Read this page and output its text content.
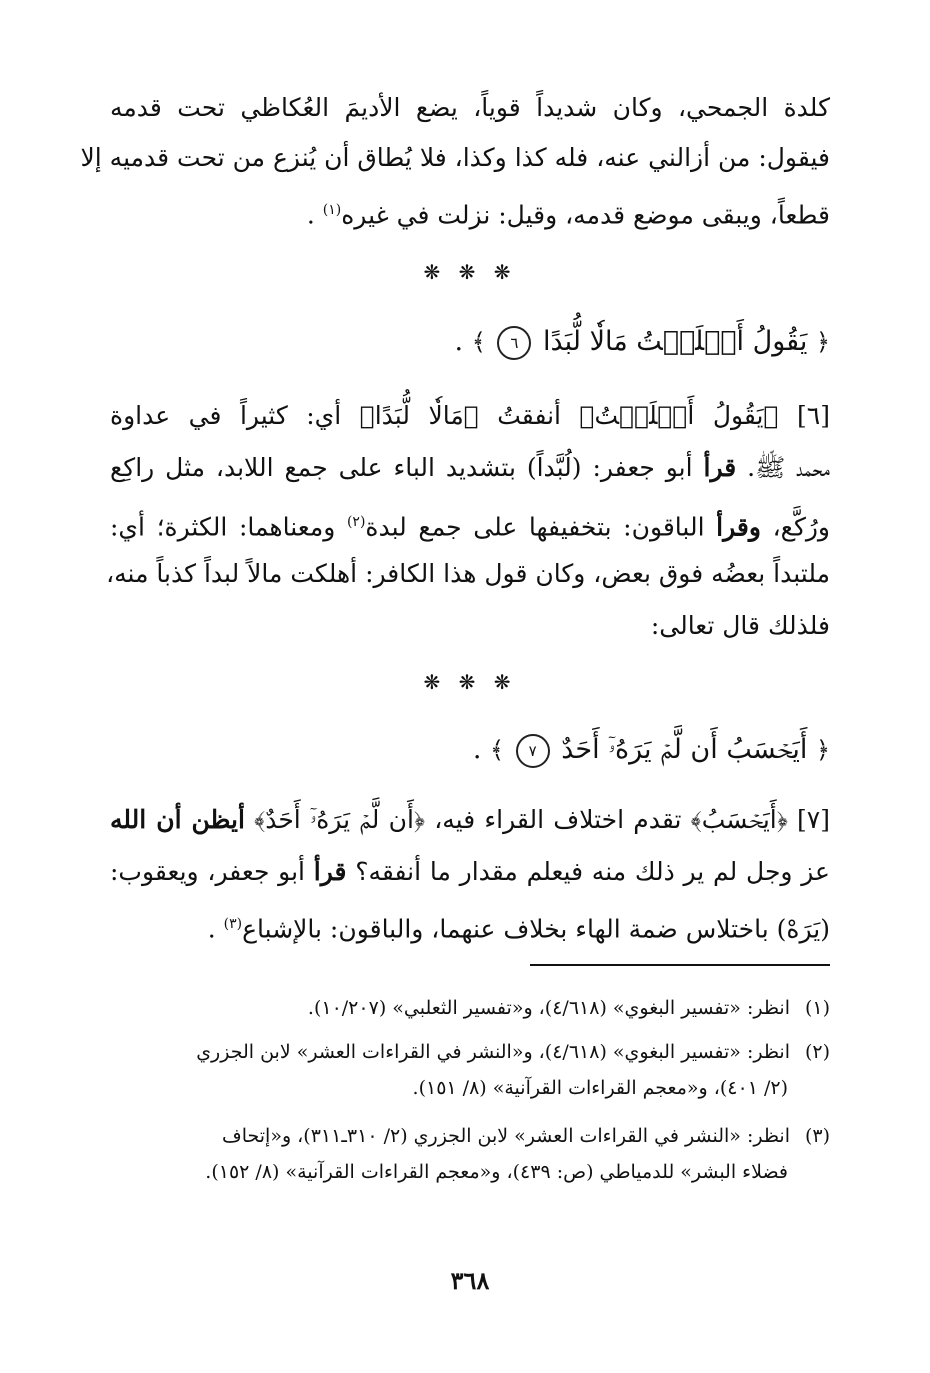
كلدة الجمحي، وكان شديداً قوياً، يضع الأديمَ العُكاظي تحت قدمه
فيقول: من أزالني عنه، فله كذا وكذا، فلا يُطاق أن يُنزع من تحت قدميه إلا
قطعاً، ويبقى موضع قدمه، وقيل: نزلت في غيره$^{(١)}$ .
❋ ❋ ❋
﴿ يَقُولُ أَهۡلَكۡتُ مَالٗا لُّبَدًا ٦ ﴾ .
[٦] ﴿يَقُولُ أَهۡلَكۡتُ﴾ أنفقتُ ﴿مَالٗا لُّبَدًا﴾ أي: كثيراً في عداوة
محمد ﷺ. قرأ أبو جعفر: (لُبَّداً) بتشديد الباء على جمع اللابد، مثل راكِع
ورُكَّع، وقرأ الباقون: بتخفيفها على جمع لبدة$^{(٢)}$ ومعناهما: الكثرة؛ أي:
ملتبداً بعضُه فوق بعض، وكان قول هذا الكافر: أهلكت مالاً لبداً كذباً منه،
فلذلك قال تعالى:
❋ ❋ ❋
﴿ أَيَحۡسَبُ أَن لَّمۡ يَرَهُۥٓ أَحَدٌ ٧ ﴾ .
[٧] ﴿أَيَحۡسَبُ﴾ تقدم اختلاف القراء فيه، ﴿أَن لَّمۡ يَرَهُۥٓ أَحَدٌ﴾ أيظن أن الله
عز وجل لم ير ذلك منه فيعلم مقدار ما أنفقه؟ قرأ أبو جعفر، ويعقوب:
(يَرَهْ) باختلاس ضمة الهاء بخلاف عنهما، والباقون: بالإشباع$^{(٣)}$ .
(١)انظر: «تفسير البغوي» (٤/٦١٨)، و«تفسير الثعلبي» (١٠/٢٠٧).
(٢)انظر: «تفسير البغوي» (٤/٦١٨)، و«النشر في القراءات العشر» لابن الجزري
(٢/ ٤٠١)، و«معجم القراءات القرآنية» (٨/ ١٥١).
(٣)انظر: «النشر في القراءات العشر» لابن الجزري (٢/ ٣١٠ـ٣١١)، و«إتحاف
فضلاء البشر» للدمياطي (ص: ٤٣٩)، و«معجم القراءات القرآنية» (٨/ ١٥٢).
٣٦٨
